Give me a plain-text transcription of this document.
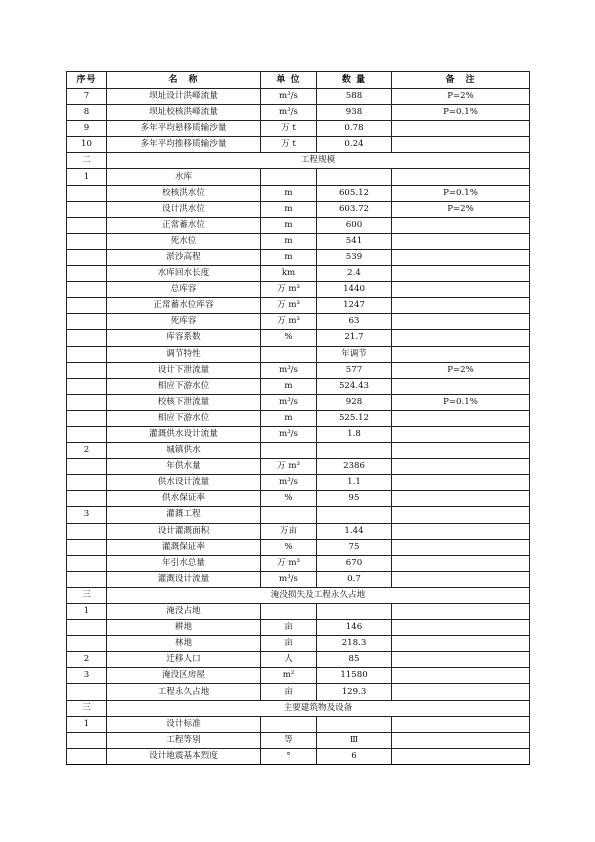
序号	名　称	单 位	数 量	备　注
7	坝址设计洪峰流量	m³/s	588	P=2%
8	坝址校核洪峰流量	m³/s	938	P=0.1%
9	多年平均悬移质输沙量	万 t	0.78	
10	多年平均推移质输沙量	万 t	0.24	
二	工程规模			
1	水库			
	校核洪水位	m	605.12	P=0.1%
	设计洪水位	m	603.72	P=2%
	正常蓄水位	m	600	
	死水位	m	541	
	淤沙高程	m	539	
	水库回水长度	km	2.4	
	总库容	万 m³	1440	
	正常蓄水位库容	万 m³	1247	
	死库容	万 m³	63	
	库容系数	%	21.7	
	调节特性		年调节	
	设计下泄流量	m³/s	577	P=2%
	相应下游水位	m	524.43	
	校核下泄流量	m³/s	928	P=0.1%
	相应下游水位	m	525.12	
	灌溉供水设计流量	m³/s	1.8	
2	城镇供水			
	年供水量	万 m³	2386	
	供水设计流量	m³/s	1.1	
	供水保证率	%	95	
3	灌溉工程			
	设计灌溉面积	万亩	1.44	
	灌溉保证率	%	75	
	年引水总量	万 m³	670	
	灌溉设计流量	m³/s	0.7	
三	淹没损失及工程永久占地			
1	淹没占地			
	耕地	亩	146	
	林地	亩	218.3	
2	迁移人口	人	85	
3	淹没区房屋	m²	11580	
	工程永久占地	亩	129.3	
三	主要建筑物及设备			
1	设计标准			
	工程等别	等	Ⅲ	
	设计地震基本烈度	°	6	
